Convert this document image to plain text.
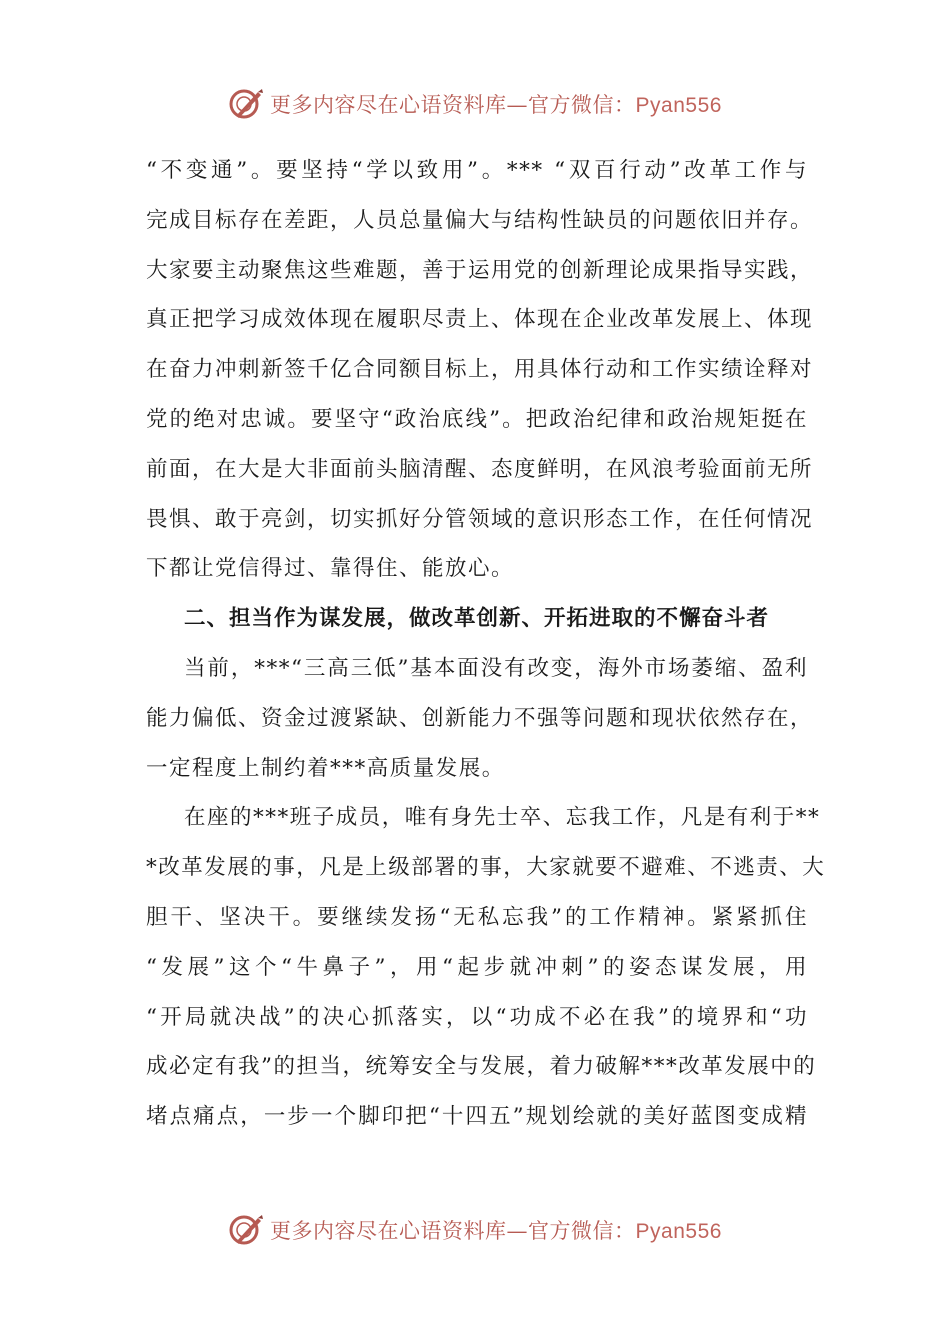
更多内容尽在心语资料库—官方微信：Pyan556
“不变通”。要坚持“学以致用”。*** “双百行动”改革工作与
完成目标存在差距，人员总量偏大与结构性缺员的问题依旧并存。
大家要主动聚焦这些难题，善于运用党的创新理论成果指导实践，
真正把学习成效体现在履职尽责上、体现在企业改革发展上、体现
在奋力冲刺新签千亿合同额目标上，用具体行动和工作实绩诠释对
党的绝对忠诚。要坚守“政治底线”。把政治纪律和政治规矩挺在
前面，在大是大非面前头脑清醒、态度鲜明，在风浪考验面前无所
畏惧、敢于亮剑，切实抓好分管领域的意识形态工作，在任何情况
下都让党信得过、靠得住、能放心。
二、担当作为谋发展，做改革创新、开拓进取的不懈奋斗者
当前，***“三高三低”基本面没有改变，海外市场萎缩、盈利
能力偏低、资金过渡紧缺、创新能力不强等问题和现状依然存在，
一定程度上制约着***高质量发展。
在座的***班子成员，唯有身先士卒、忘我工作，凡是有利于**
*改革发展的事，凡是上级部署的事，大家就要不避难、不逃责、大
胆干、坚决干。要继续发扬“无私忘我”的工作精神。紧紧抓住
“发展”这个“牛鼻子”，用“起步就冲刺”的姿态谋发展，用
“开局就决战”的决心抓落实，以“功成不必在我”的境界和“功
成必定有我”的担当，统筹安全与发展，着力破解***改革发展中的
堵点痛点，一步一个脚印把“十四五”规划绘就的美好蓝图变成精
更多内容尽在心语资料库—官方微信：Pyan556
